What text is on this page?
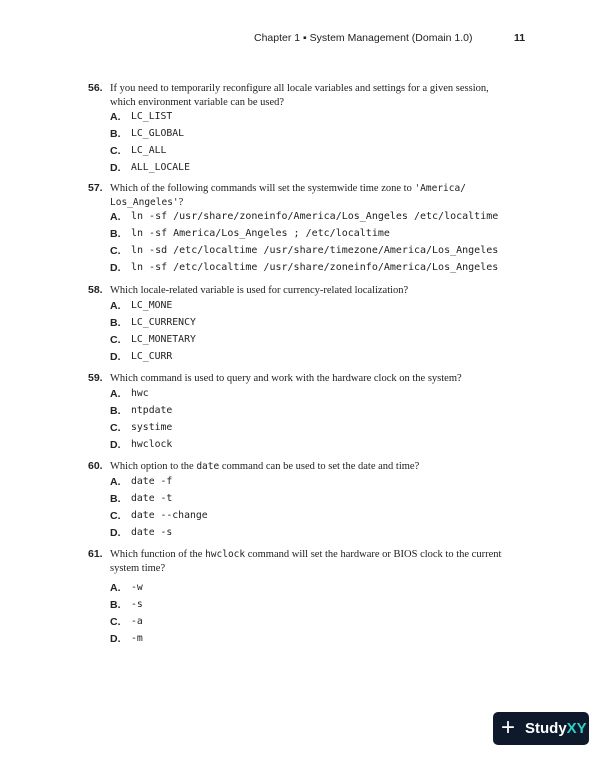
Chapter 1 ▪ System Management (Domain 1.0)	11
56. If you need to temporarily reconfigure all locale variables and settings for a given session,
which environment variable can be used?
A. LC_LIST
B. LC_GLOBAL
C. LC_ALL
D. ALL_LOCALE
57. Which of the following commands will set the systemwide time zone to 'America/
Los_Angeles'?
A. ln -sf /usr/share/zoneinfo/America/Los_Angeles /etc/localtime
B. ln -sf America/Los_Angeles ; /etc/localtime
C. ln -sd /etc/localtime /usr/share/timezone/America/Los_Angeles
D. ln -sf /etc/localtime /usr/share/zoneinfo/America/Los_Angeles
58. Which locale-related variable is used for currency-related localization?
A. LC_MONE
B. LC_CURRENCY
C. LC_MONETARY
D. LC_CURR
59. Which command is used to query and work with the hardware clock on the system?
A. hwc
B. ntpdate
C. systime
D. hwclock
60. Which option to the date command can be used to set the date and time?
A. date -f
B. date -t
C. date --change
D. date -s
61. Which function of the hwclock command will set the hardware or BIOS clock to the current
system time?
A. -w
B. -s
C. -a
D. -m
+ StudyXY
